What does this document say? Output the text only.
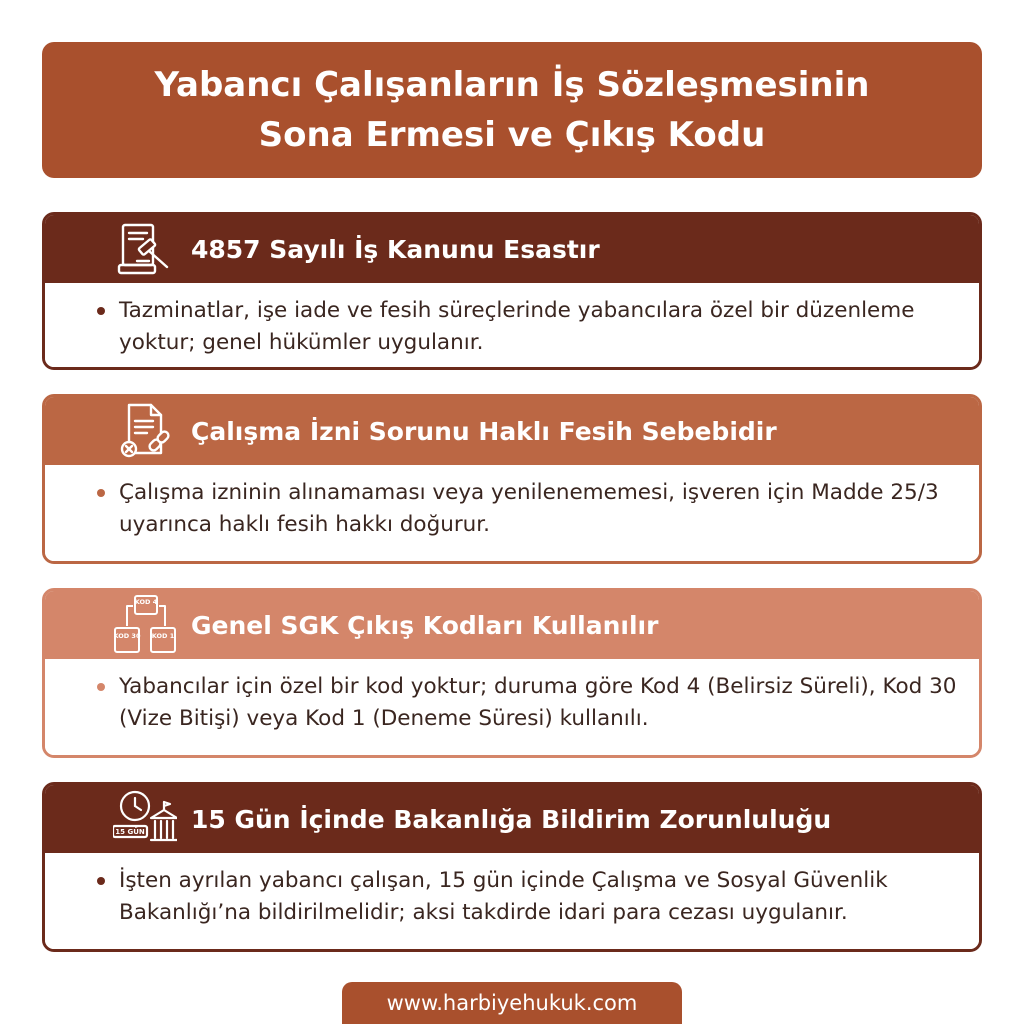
Yabancı Çalışanların İş Sözleşmesinin
Sona Ermesi ve Çıkış Kodu
4857 Sayılı İş Kanunu Esastır
Tazminatlar, işe iade ve fesih süreçlerinde yabancılara özel bir düzenleme yoktur; genel hükümler uygulanır.
Çalışma İzni Sorunu Haklı Fesih Sebebidir
Çalışma izninin alınamaması veya yenilenememesi, işveren için Madde 25/3 uyarınca haklı fesih hakkı doğurur.
KOD 4
KOD 30 KOD 1 Genel SGK Çıkış Kodları Kullanılır
Yabancılar için özel bir kod yoktur; duruma göre Kod 4 (Belirsiz Süreli), Kod 30 (Vize Bitişi) veya Kod 1 (Deneme Süresi) kullanılı.
15 GÜN 15 Gün İçinde Bakanlığa Bildirim Zorunluluğu
İşten ayrılan yabancı çalışan, 15 gün içinde Çalışma ve Sosyal Güvenlik Bakanlığı’na bildirilmelidir; aksi takdirde idari para cezası uygulanır.
www.harbiyehukuk.com
